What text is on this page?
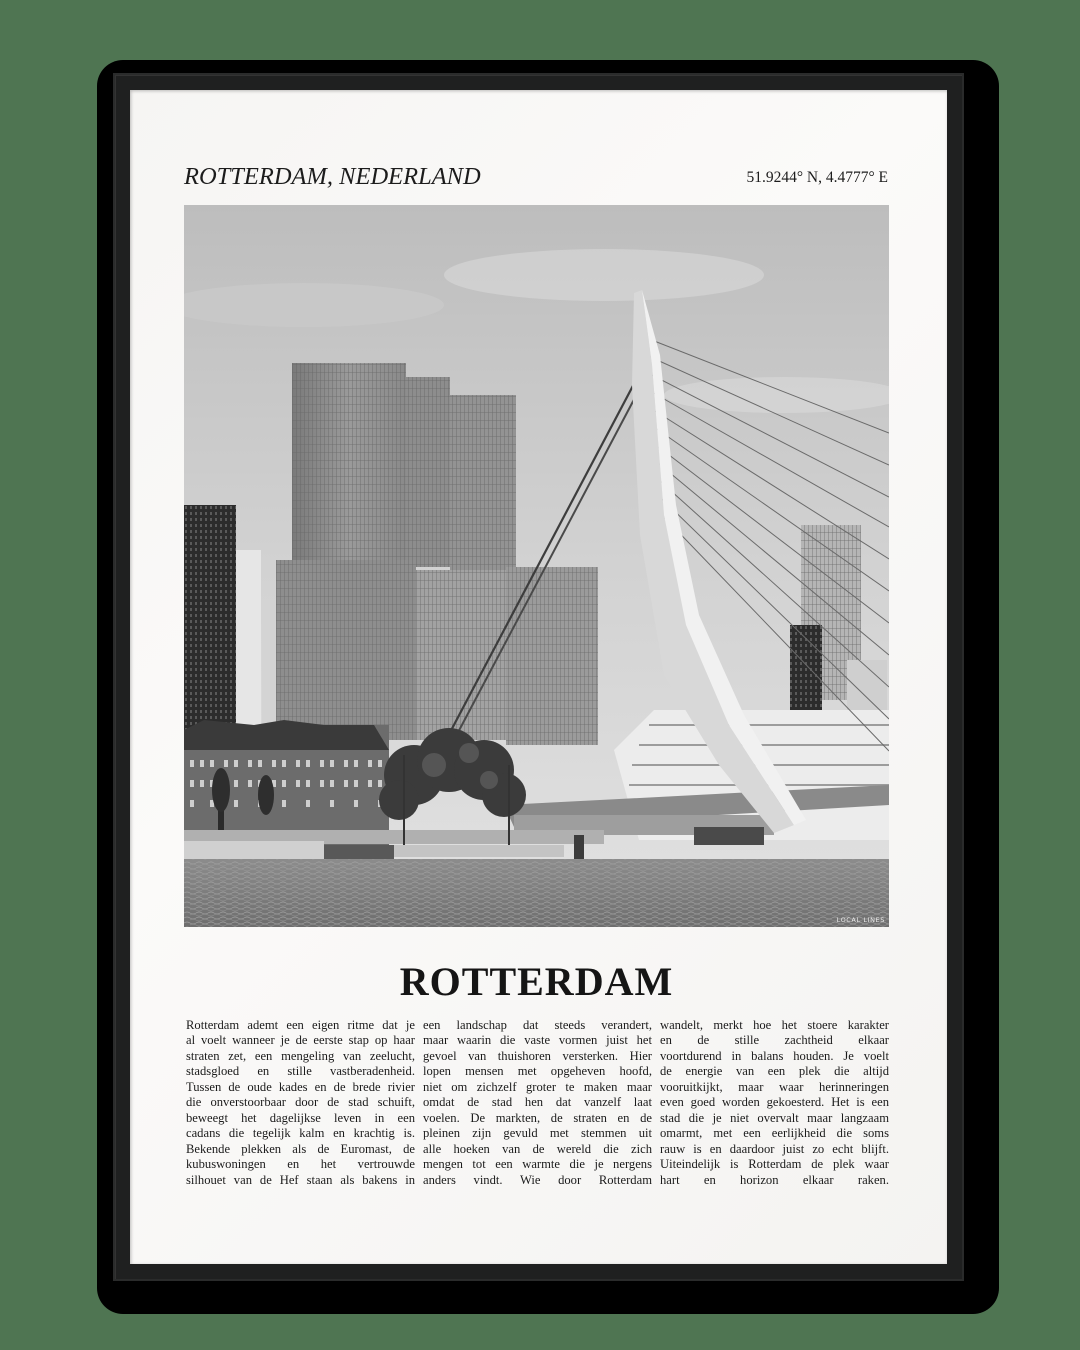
ROTTERDAM, NEDERLAND	51.9244° N, 4.4777° E
LOCAL LINES
ROTTERDAM
Rotterdam ademt een eigen ritme dat je
al voelt wanneer je de eerste stap op haar
straten zet, een mengeling van zeelucht,
stadsgloed en stille vastberadenheid.
Tussen de oude kades en de brede rivier
die onverstoorbaar door de stad schuift,
beweegt het dagelijkse leven in een
cadans die tegelijk kalm en krachtig is.
Bekende plekken als de Euromast, de
kubuswoningen en het vertrouwde
silhouet van de Hef staan als bakens in
een landschap dat steeds verandert,
maar waarin die vaste vormen juist het
gevoel van thuishoren versterken. Hier
lopen mensen met opgeheven hoofd,
niet om zichzelf groter te maken maar
omdat de stad hen dat vanzelf laat
voelen. De markten, de straten en de
pleinen zijn gevuld met stemmen uit
alle hoeken van de wereld die zich
mengen tot een warmte die je nergens
anders vindt. Wie door Rotterdam
wandelt, merkt hoe het stoere karakter
en de stille zachtheid elkaar
voortdurend in balans houden. Je voelt
de energie van een plek die altijd
vooruitkijkt, maar waar herinneringen
even goed worden gekoesterd. Het is een
stad die je niet overvalt maar langzaam
omarmt, met een eerlijkheid die soms
rauw is en daardoor juist zo echt blijft.
Uiteindelijk is Rotterdam de plek waar
hart en horizon elkaar raken.
